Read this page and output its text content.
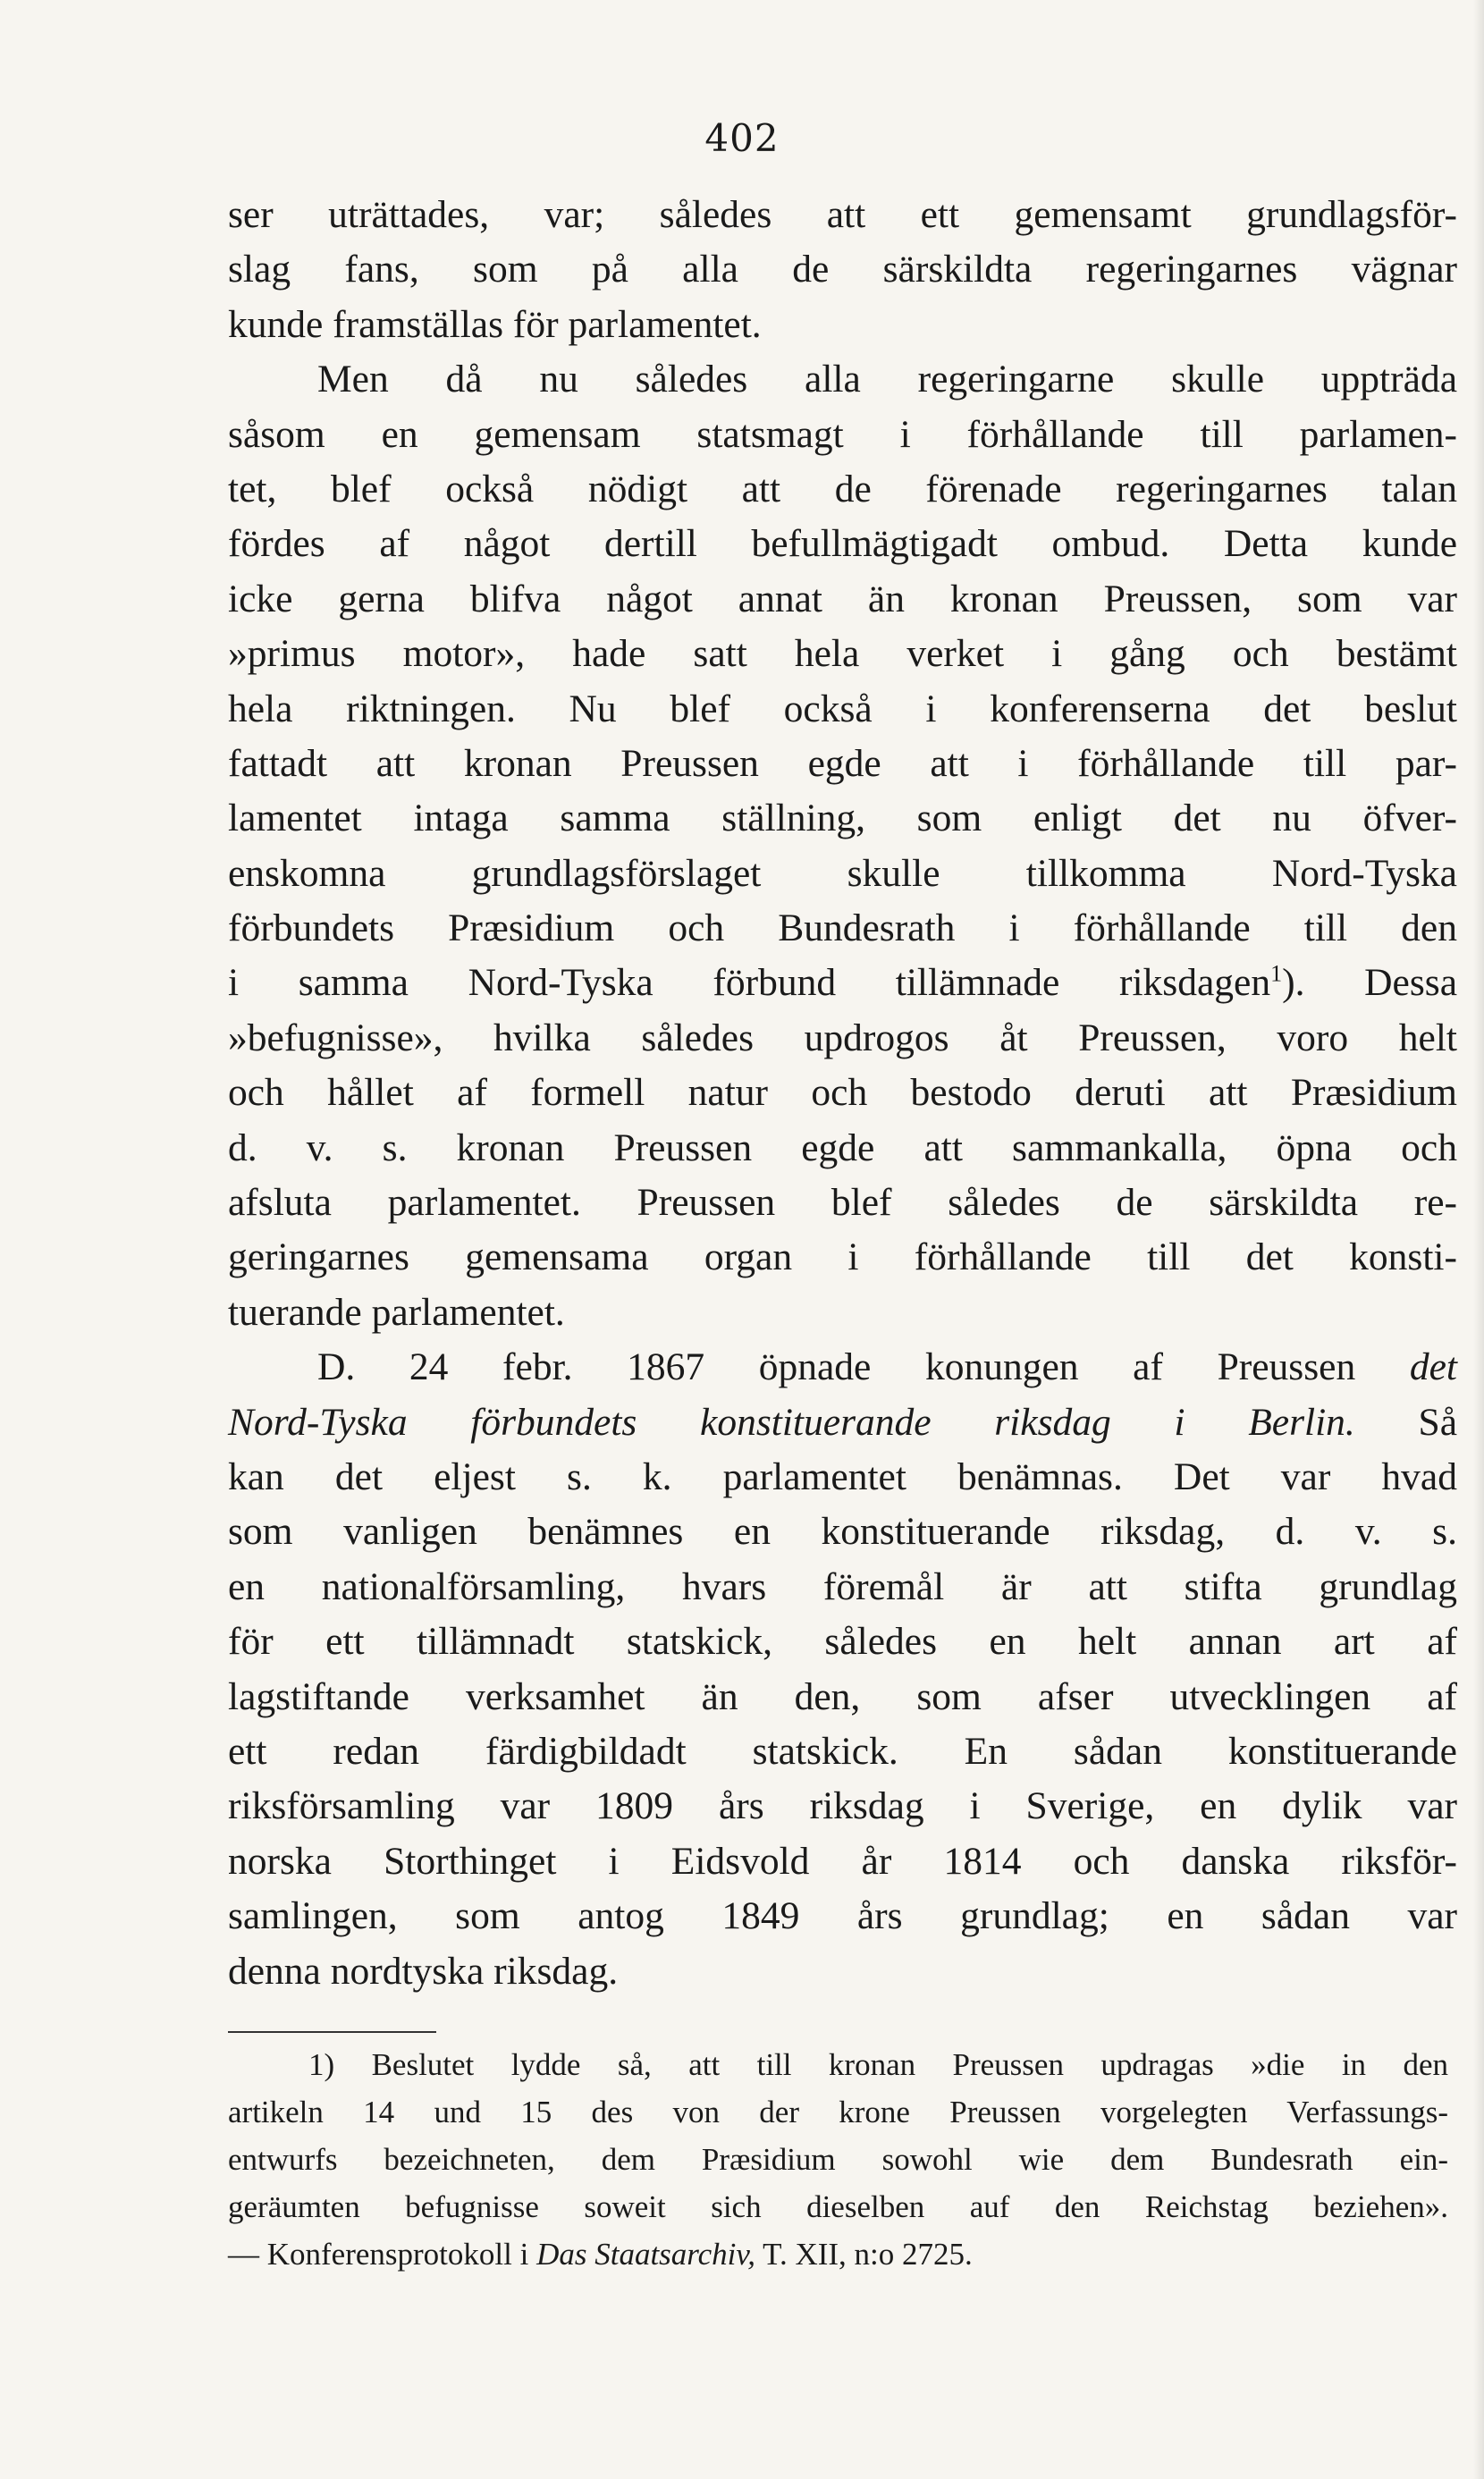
402
ser uträttades, var; således att ett gemensamt grundlagsför-
slag fans, som på alla de särskildta regeringarnes vägnar
kunde framställas för parlamentet.
Men då nu således alla regeringarne skulle uppträda
såsom en gemensam statsmagt i förhållande till parlamen-
tet, blef också nödigt att de förenade regeringarnes talan
fördes af något dertill befullmägtigadt ombud. Detta kunde
icke gerna blifva något annat än kronan Preussen, som var
»primus motor», hade satt hela verket i gång och bestämt
hela riktningen. Nu blef också i konferenserna det beslut
fattadt att kronan Preussen egde att i förhållande till par-
lamentet intaga samma ställning, som enligt det nu öfver-
enskomna grundlagsförslaget skulle tillkomma Nord-Tyska
förbundets Præsidium och Bundesrath i förhållande till den
i samma Nord-Tyska förbund tillämnade riksdagen$^1$). Dessa
»befugnisse», hvilka således updrogos åt Preussen, voro helt
och hållet af formell natur och bestodo deruti att Præsidium
d. v. s. kronan Preussen egde att sammankalla, öpna och
afsluta parlamentet. Preussen blef således de särskildta re-
geringarnes gemensama organ i förhållande till det konsti-
tuerande parlamentet.
D. 24 febr. 1867 öpnade konungen af Preussen det
Nord-Tyska förbundets konstituerande riksdag i Berlin. Så
kan det eljest s. k. parlamentet benämnas. Det var hvad
som vanligen benämnes en konstituerande riksdag, d. v. s.
en nationalförsamling, hvars föremål är att stifta grundlag
för ett tillämnadt statskick, således en helt annan art af
lagstiftande verksamhet än den, som afser utvecklingen af
ett redan färdigbildadt statskick. En sådan konstituerande
riksförsamling var 1809 års riksdag i Sverige, en dylik var
norska Storthinget i Eidsvold år 1814 och danska riksför-
samlingen, som antog 1849 års grundlag; en sådan var
denna nordtyska riksdag.
1) Beslutet lydde så, att till kronan Preussen updragas »die in den
artikeln 14 und 15 des von der krone Preussen vorgelegten Verfassungs-
entwurfs bezeichneten, dem Præsidium sowohl wie dem Bundesrath ein-
geräumten befugnisse soweit sich dieselben auf den Reichstag beziehen».
— Konferensprotokoll i Das Staatsarchiv, T. XII, n:o 2725.
